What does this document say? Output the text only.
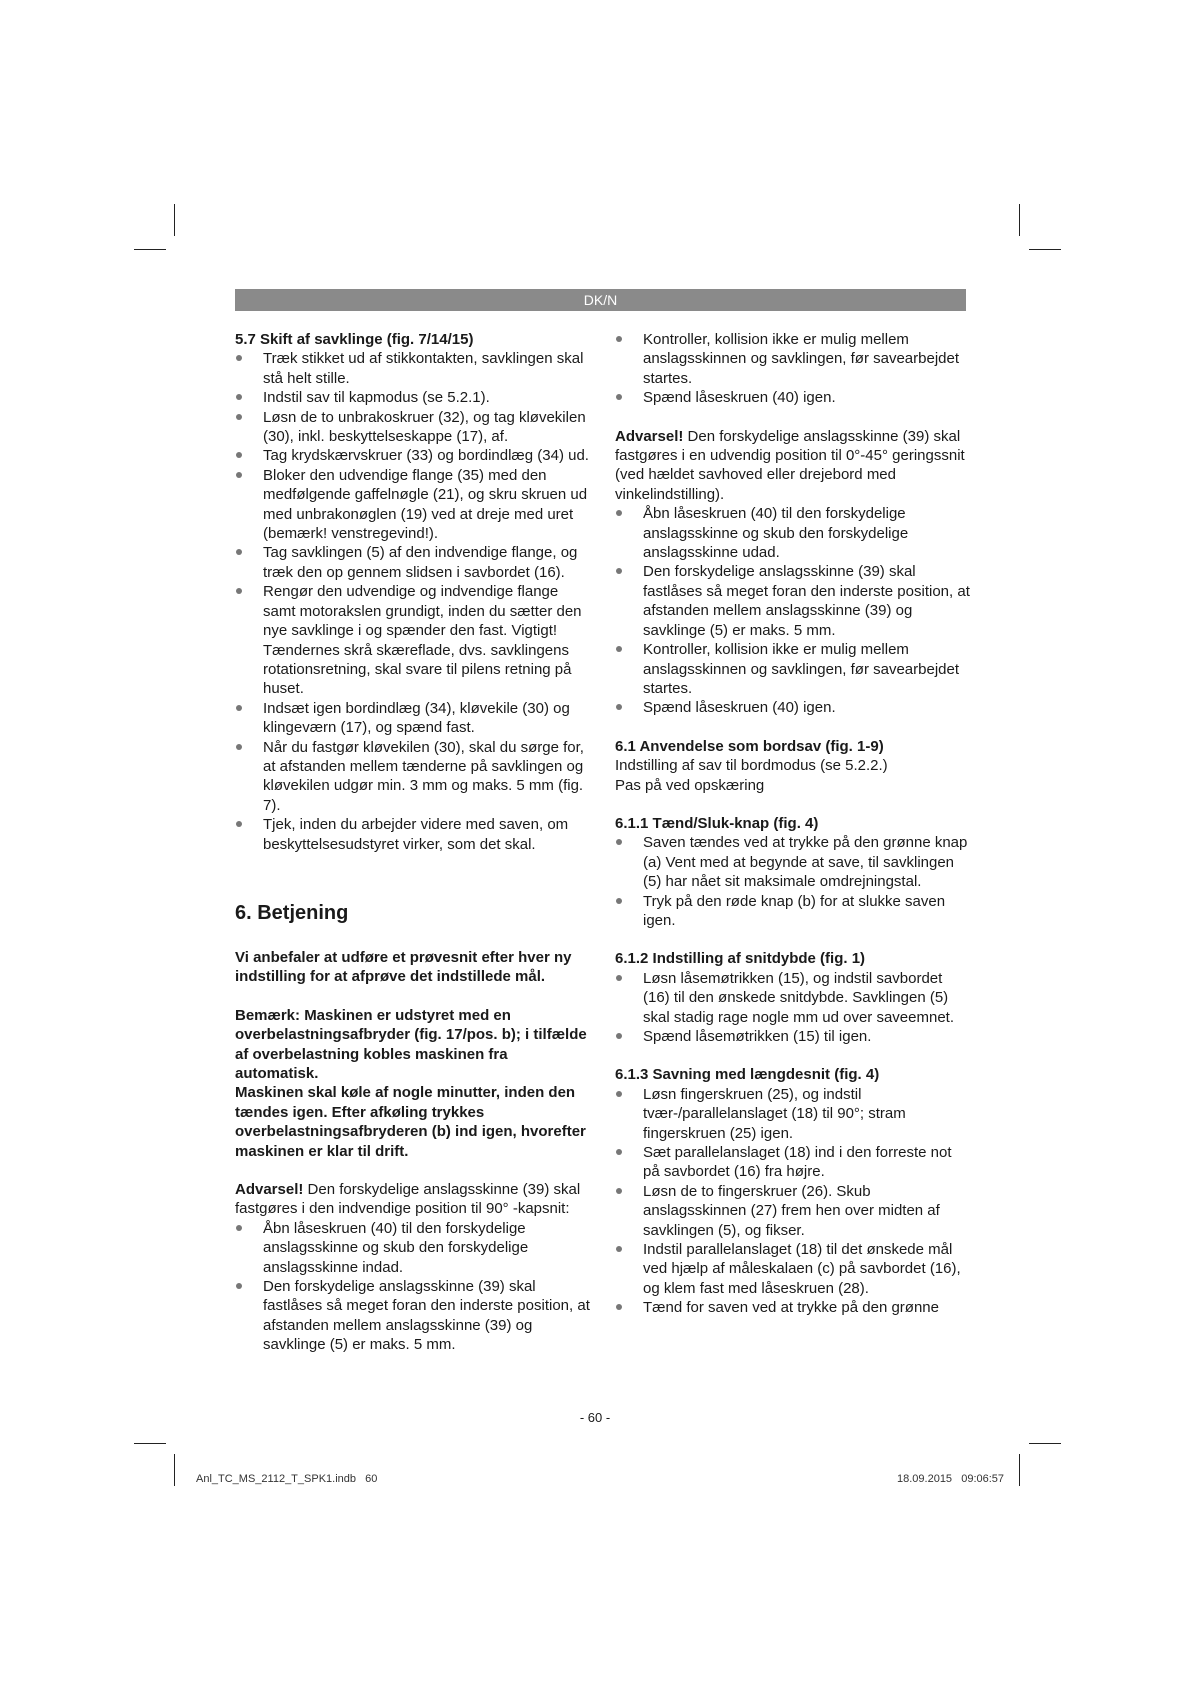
DK/N

5.7 Skift af savklinge (fig. 7/14/15)

Træk stikket ud af stikkontakten, savklingen skal stå helt stille.
Indstil sav til kapmodus (se 5.2.1).
Løsn de to unbrakoskruer (32), og tag kløvekilen (30), inkl. beskyttelseskappe (17), af.
Tag krydskærvskruer (33) og bordindlæg (34) ud.
Bloker den udvendige flange (35) med den medfølgende gaffelnøgle (21), og skru skruen ud med unbrakonøglen (19) ved at dreje med uret (bemærk! venstregevind!).
Tag savklingen (5) af den indvendige flange, og træk den op gennem slidsen i savbordet (16).
Rengør den udvendige og indvendige flange samt motorakslen grundigt, inden du sætter den nye savklinge i og spænder den fast. Vigtigt! Tændernes skrå skæreflade, dvs. savklingens rotationsretning, skal svare til pilens retning på huset.
Indsæt igen bordindlæg (34), kløvekile (30) og klingeværn (17), og spænd fast.
Når du fastgør kløvekilen (30), skal du sørge for, at afstanden mellem tænderne på savklingen og kløvekilen udgør min. 3 mm og maks. 5 mm (fig. 7).
Tjek, inden du arbejder videre med saven, om beskyttelsesudstyret virker, som det skal.

6. Betjening

Vi anbefaler at udføre et prøvesnit efter hver ny indstilling for at afprøve det indstillede mål.

Bemærk: Maskinen er udstyret med en overbelastningsafbryder (fig. 17/pos. b); i tilfælde af overbelastning kobles maskinen fra automatisk.

Maskinen skal køle af nogle minutter, inden den tændes igen. Efter afkøling trykkes overbelastningsafbryderen (b) ind igen, hvorefter maskinen er klar til drift.

Advarsel! Den forskydelige anslagsskinne (39) skal fastgøres i den indvendige position til 90° -kapsnit:

Åbn låseskruen (40) til den forskydelige anslagsskinne og skub den forskydelige anslagsskinne indad.
Den forskydelige anslagsskinne (39) skal fastlåses så meget foran den inderste position, at afstanden mellem anslagsskinne (39) og savklinge (5) er maks. 5 mm.
Kontroller, kollision ikke er mulig mellem anslagsskinnen og savklingen, før savearbejdet startes.
Spænd låseskruen (40) igen.

Advarsel! Den forskydelige anslagsskinne (39) skal fastgøres i en udvendig position til 0°-45° geringssnit (ved hældet savhoved eller drejebord med vinkelindstilling).

Åbn låseskruen (40) til den forskydelige anslagsskinne og skub den forskydelige anslagsskinne udad.
Den forskydelige anslagsskinne (39) skal fastlåses så meget foran den inderste position, at afstanden mellem anslagsskinne (39) og savklinge (5) er maks. 5 mm.
Kontroller, kollision ikke er mulig mellem anslagsskinnen og savklingen, før savearbejdet startes.
Spænd låseskruen (40) igen.

6.1 Anvendelse som bordsav (fig. 1-9)

Indstilling af sav til bordmodus (se 5.2.2.)

Pas på ved opskæring

6.1.1 Tænd/Sluk-knap (fig. 4)

Saven tændes ved at trykke på den grønne knap (a) Vent med at begynde at save, til savklingen (5) har nået sit maksimale omdrejningstal.
Tryk på den røde knap (b) for at slukke saven igen.

6.1.2 Indstilling af snitdybde (fig. 1)

Løsn låsemøtrikken (15), og indstil savbordet (16) til den ønskede snitdybde. Savklingen (5) skal stadig rage nogle mm ud over saveemnet.
Spænd låsemøtrikken (15) til igen.

6.1.3 Savning med længdesnit (fig. 4)

Løsn fingerskruen (25), og indstil tvær-/parallelanslaget (18) til 90°; stram fingerskruen (25) igen.
Sæt parallelanslaget (18) ind i den forreste not på savbordet (16) fra højre.
Løsn de to fingerskruer (26). Skub anslagsskinnen (27) frem hen over midten af savklingen (5), og fikser.
Indstil parallelanslaget (18) til det ønskede mål ved hjælp af måleskalaen (c) på savbordet (16), og klem fast med låseskruen (28).
Tænd for saven ved at trykke på den grønne
- 60 -
Anl_TC_MS_2112_T_SPK1.indb   60	18.09.2015   09:06:57
